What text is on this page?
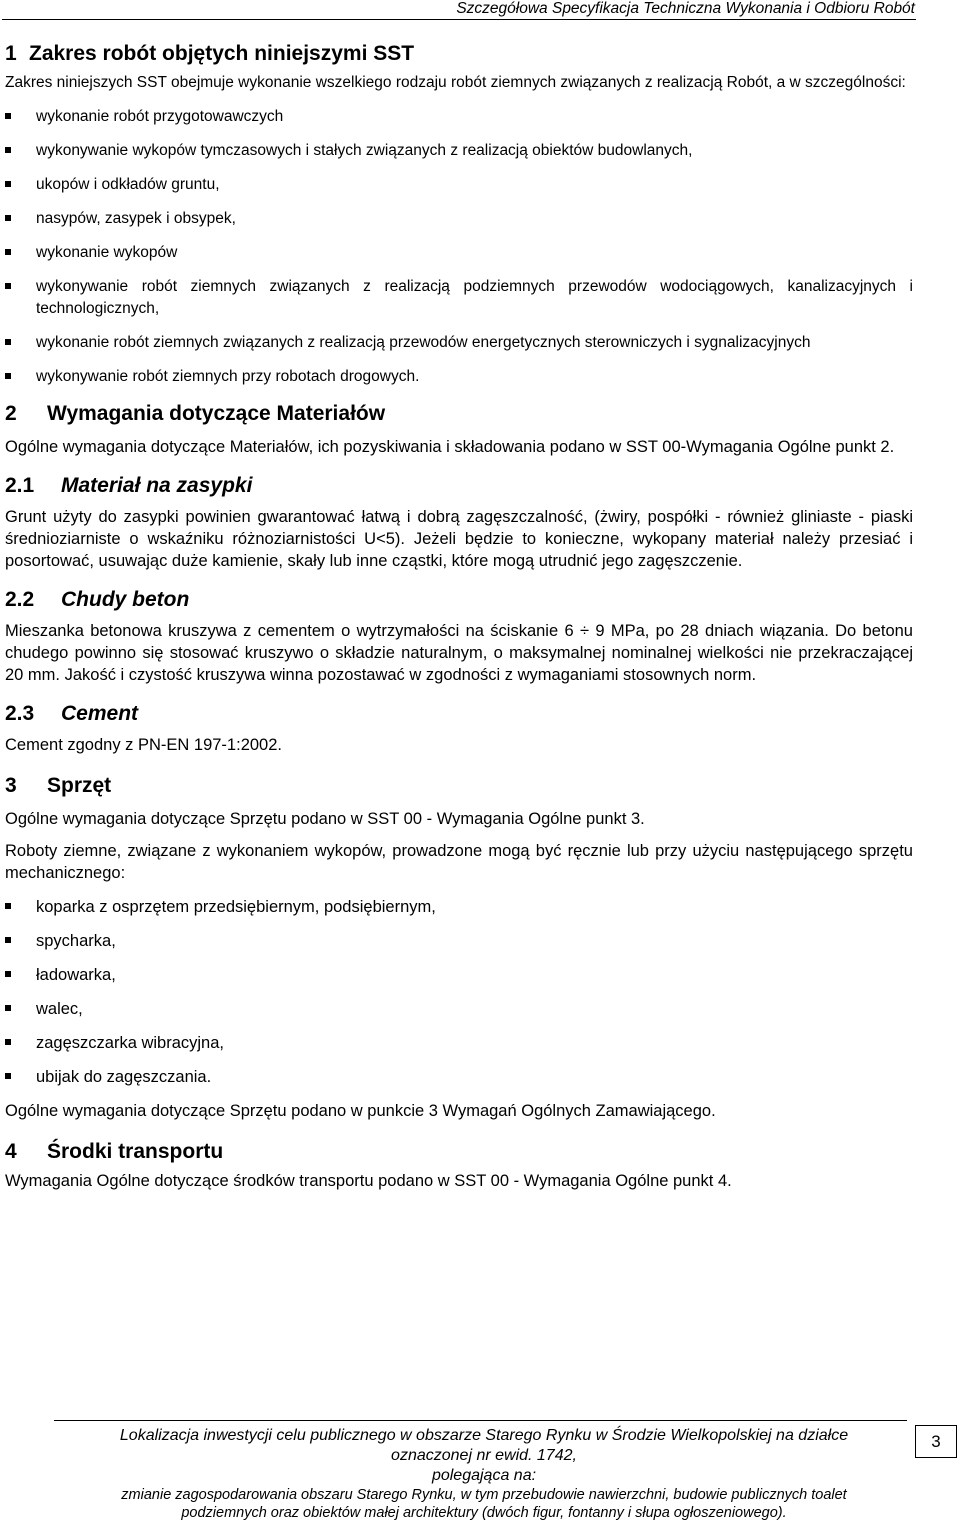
Szczegółowa Specyfikacja Techniczna Wykonania i Odbioru Robót
1 Zakres robót objętych niniejszymi SST

Zakres niniejszych SST obejmuje wykonanie wszelkiego rodzaju robót ziemnych związanych z realizacją Robót, a w szczególności:

wykonanie robót przygotowawczych
wykonywanie wykopów tymczasowych i stałych związanych z realizacją obiektów budowlanych,
ukopów i odkładów gruntu,
nasypów, zasypek i obsypek,
wykonanie wykopów
wykonywanie robót ziemnych związanych z realizacją podziemnych przewodów wodociągowych, kanalizacyjnych i technologicznych,
wykonanie robót ziemnych związanych z realizacją przewodów energetycznych sterowniczych i sygnalizacyjnych
wykonywanie robót ziemnych przy robotach drogowych.
2 Wymagania dotyczące Materiałów

Ogólne wymagania dotyczące Materiałów, ich pozyskiwania i składowania podano w SST 00-Wymagania Ogólne punkt 2.

2.1 Materiał na zasypki

Grunt użyty do zasypki powinien gwarantować łatwą i dobrą zagęszczalność, (żwiry, pospółki - również gliniaste - piaski średnioziarniste o wskaźniku różnoziarnistości U<5). Jeżeli będzie to konieczne, wykopany materiał należy przesiać i posortować, usuwając duże kamienie, skały lub inne cząstki, które mogą utrudnić jego zagęszczenie.

2.2 Chudy beton

Mieszanka betonowa kruszywa z cementem o wytrzymałości na ściskanie 6 ÷ 9 MPa, po 28 dniach wiązania. Do betonu chudego powinno się stosować kruszywo o składzie naturalnym, o maksymalnej nominalnej wielkości nie przekraczającej 20 mm. Jakość i czystość kruszywa winna pozostawać w zgodności z wymaganiami stosownych norm.

2.3 Cement

Cement zgodny z PN-EN 197-1:2002.

3 Sprzęt

Ogólne wymagania dotyczące Sprzętu podano w SST 00 - Wymagania Ogólne punkt 3.

Roboty ziemne, związane z wykonaniem wykopów, prowadzone mogą być ręcznie lub przy użyciu następującego sprzętu mechanicznego:

koparka z osprzętem przedsiębiernym, podsiębiernym,
spycharka,
ładowarka,
walec,
zagęszczarka wibracyjna,
ubijak do zagęszczania.

Ogólne wymagania dotyczące Sprzętu podano w punkcie 3 Wymagań Ogólnych Zamawiającego.

4 Środki transportu

Wymagania Ogólne dotyczące środków transportu podano w SST 00 - Wymagania Ogólne punkt 4.

Lokalizacja inwestycji celu publicznego w obszarze Starego Rynku w Środzie Wielkopolskiej na działce
oznaczonej nr ewid. 1742,
polegająca na:
zmianie zagospodarowania obszaru Starego Rynku, w tym przebudowie nawierzchni, budowie publicznych toalet
podziemnych oraz obiektów małej architektury (dwóch figur, fontanny i słupa ogłoszeniowego).
3
